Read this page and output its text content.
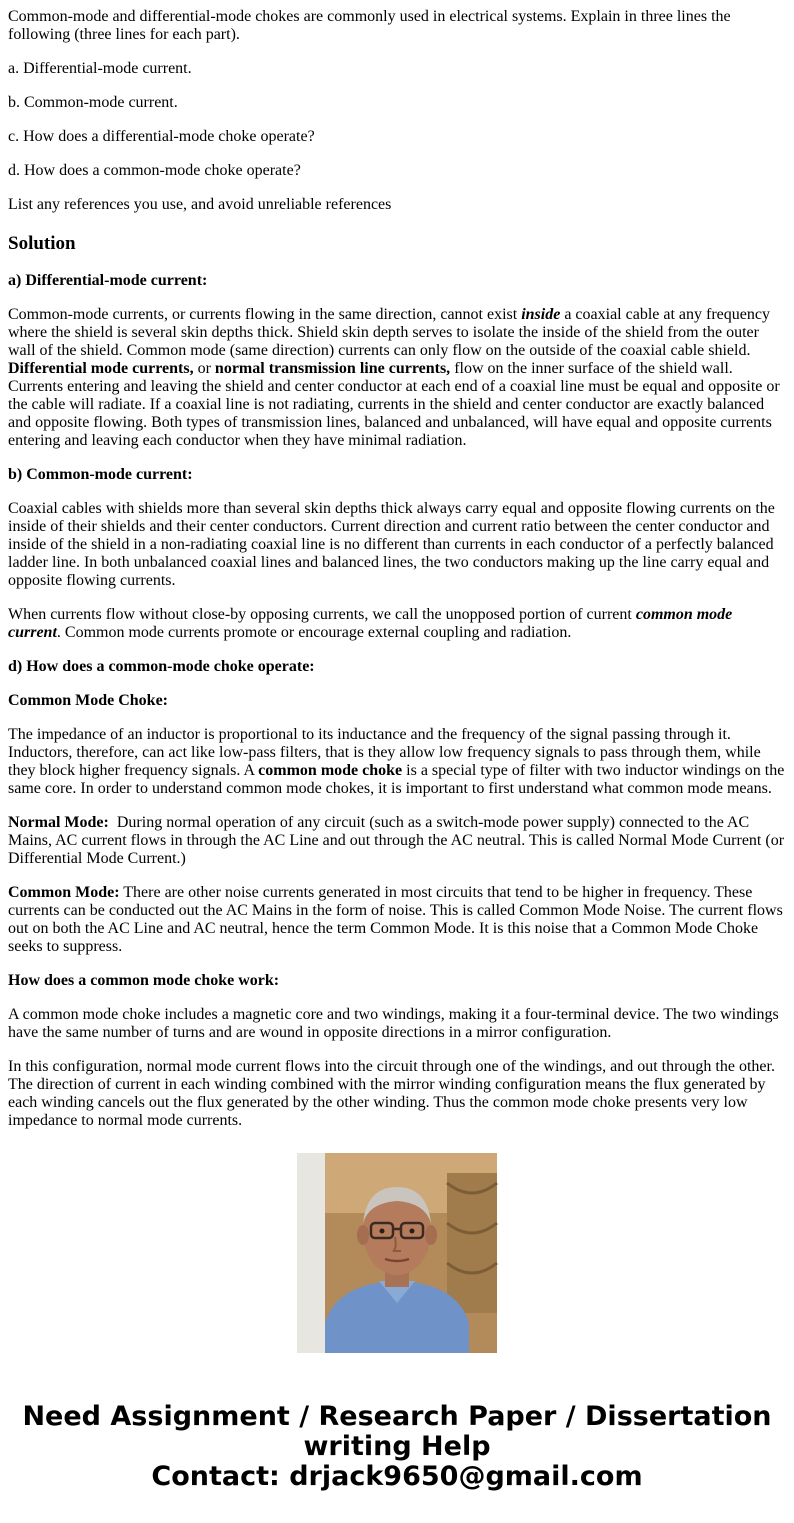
Common-mode and differential-mode chokes are commonly used in electrical systems. Explain in three lines the following (three lines for each part).

a. Differential-mode current.

b. Common-mode current.

c. How does a differential-mode choke operate?

d. How does a common-mode choke operate?

List any references you use, and avoid unreliable references

Solution

a) Differential-mode current:

Common-mode currents, or currents flowing in the same direction, cannot exist inside a coaxial cable at any frequency where the shield is several skin depths thick. Shield skin depth serves to isolate the inside of the shield from the outer wall of the shield. Common mode (same direction) currents can only flow on the outside of the coaxial cable shield. Differential mode currents, or normal transmission line currents, flow on the inner surface of the shield wall. Currents entering and leaving the shield and center conductor at each end of a coaxial line must be equal and opposite or the cable will radiate. If a coaxial line is not radiating, currents in the shield and center conductor are exactly balanced and opposite flowing. Both types of transmission lines, balanced and unbalanced, will have equal and opposite currents entering and leaving each conductor when they have minimal radiation.

b) Common-mode current:

Coaxial cables with shields more than several skin depths thick always carry equal and opposite flowing currents on the inside of their shields and their center conductors. Current direction and current ratio between the center conductor and inside of the shield in a non-radiating coaxial line is no different than currents in each conductor of a perfectly balanced ladder line. In both unbalanced coaxial lines and balanced lines, the two conductors making up the line carry equal and opposite flowing currents.

When currents flow without close-by opposing currents, we call the unopposed portion of current common mode current. Common mode currents promote or encourage external coupling and radiation.

d) How does a common-mode choke operate:

Common Mode Choke:

The impedance of an inductor is proportional to its inductance and the frequency of the signal passing through it. Inductors, therefore, can act like low-pass filters, that is they allow low frequency signals to pass through them, while they block higher frequency signals. A common mode choke is a special type of filter with two inductor windings on the same core. In order to understand common mode chokes, it is important to first understand what common mode means.

Normal Mode:  During normal operation of any circuit (such as a switch-mode power supply) connected to the AC Mains, AC current flows in through the AC Line and out through the AC neutral. This is called Normal Mode Current (or Differential Mode Current.)

Common Mode: There are other noise currents generated in most circuits that tend to be higher in frequency. These currents can be conducted out the AC Mains in the form of noise. This is called Common Mode Noise. The current flows out on both the AC Line and AC neutral, hence the term Common Mode. It is this noise that a Common Mode Choke seeks to suppress.

How does a common mode choke work:

A common mode choke includes a magnetic core and two windings, making it a four-terminal device. The two windings have the same number of turns and are wound in opposite directions in a mirror configuration.

In this configuration, normal mode current flows into the circuit through one of the windings, and out through the other. The direction of current in each winding combined with the mirror winding configuration means the flux generated by each winding cancels out the flux generated by the other winding. Thus the common mode choke presents very low impedance to normal mode currents.

Need Assignment / Research Paper / Dissertation
writing Help
Contact: drjack9650@gmail.com
